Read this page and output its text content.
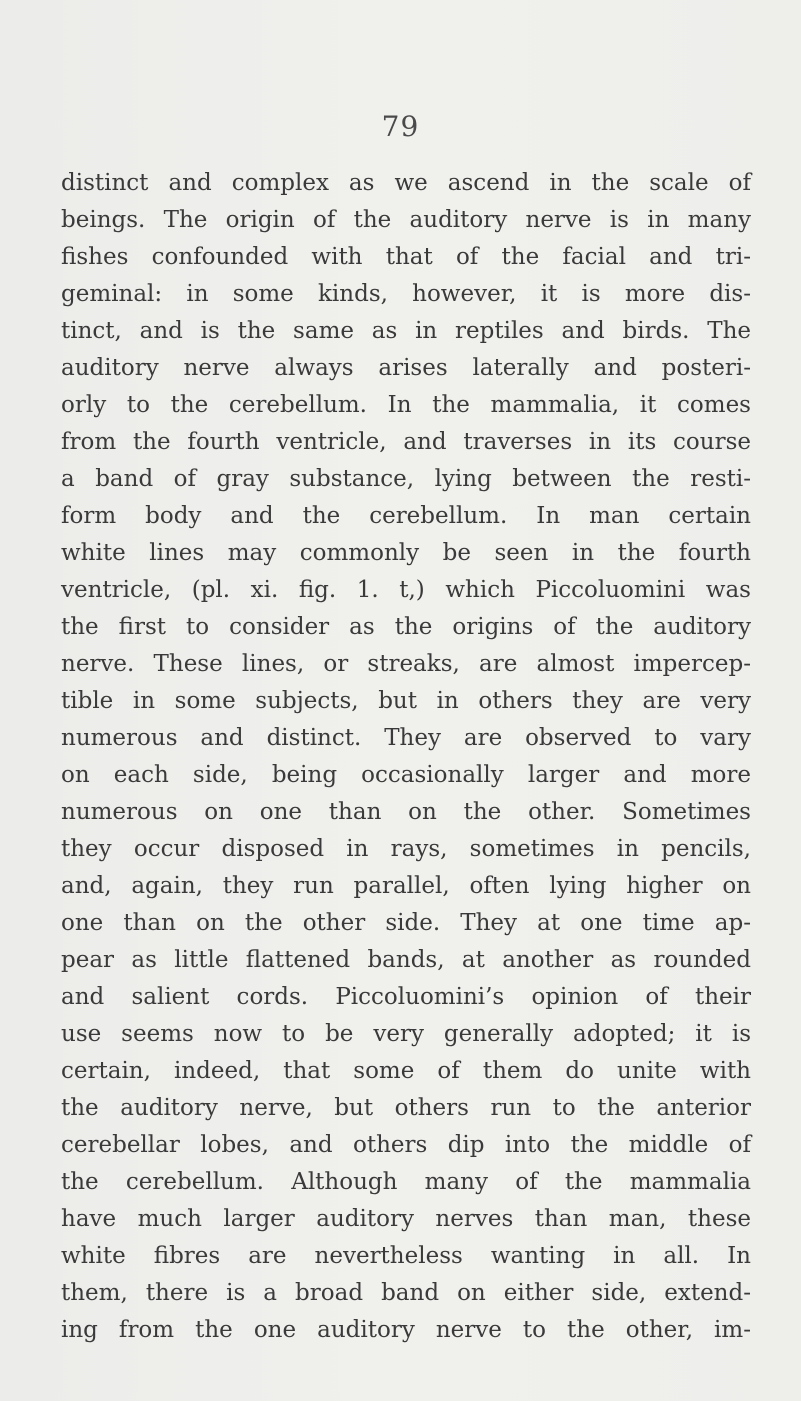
79
distinct and complex as we ascend in the scale of
beings. The origin of the auditory nerve is in many
fishes confounded with that of the facial and tri-
geminal: in some kinds, however, it is more dis-
tinct, and is the same as in reptiles and birds. The
auditory nerve always arises laterally and posteri-
orly to the cerebellum. In the mammalia, it comes
from the fourth ventricle, and traverses in its course
a band of gray substance, lying between the resti-
form body and the cerebellum. In man certain
white lines may commonly be seen in the fourth
ventricle, (pl. xi. fig. 1. t,) which Piccoluomini was
the first to consider as the origins of the auditory
nerve. These lines, or streaks, are almost impercep-
tible in some subjects, but in others they are very
numerous and distinct. They are observed to vary
on each side, being occasionally larger and more
numerous on one than on the other. Sometimes
they occur disposed in rays, sometimes in pencils,
and, again, they run parallel, often lying higher on
one than on the other side. They at one time ap-
pear as little flattened bands, at another as rounded
and salient cords. Piccoluomini’s opinion of their
use seems now to be very generally adopted; it is
certain, indeed, that some of them do unite with
the auditory nerve, but others run to the anterior
cerebellar lobes, and others dip into the middle of
the cerebellum. Although many of the mammalia
have much larger auditory nerves than man, these
white fibres are nevertheless wanting in all. In
them, there is a broad band on either side, extend-
ing from the one auditory nerve to the other, im-
